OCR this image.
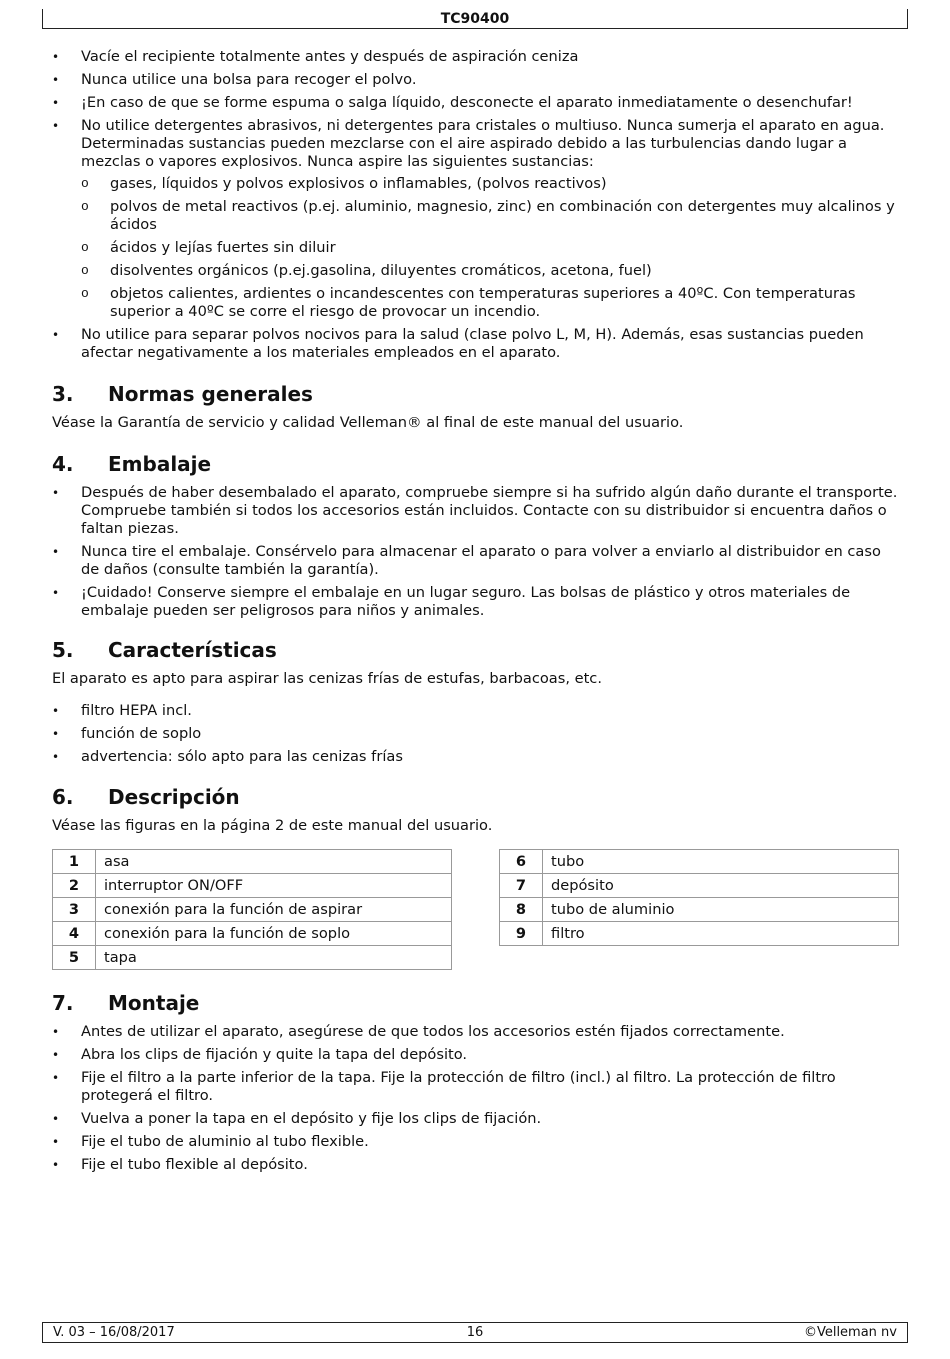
TC90400
• Vacíe el recipiente totalmente antes y después de aspiración ceniza
• Nunca utilice una bolsa para recoger el polvo.
• ¡En caso de que se forme espuma o salga líquido, desconecte el aparato inmediatamente o desenchufar!
• No utilice detergentes abrasivos, ni detergentes para cristales o multiuso. Nunca sumerja el aparato en agua. Determinadas sustancias pueden mezclarse con el aire aspirado debido a las turbulencias dando lugar a mezclas o vapores explosivos. Nunca aspire las siguientes sustancias:
o gases, líquidos y polvos explosivos o inflamables, (polvos reactivos)
o polvos de metal reactivos (p.ej. aluminio, magnesio, zinc) en combinación con detergentes muy alcalinos y ácidos
o ácidos y lejías fuertes sin diluir
o disolventes orgánicos (p.ej.gasolina, diluyentes cromáticos, acetona, fuel)
o objetos calientes, ardientes o incandescentes con temperaturas superiores a 40ºC. Con temperaturas superior a 40ºC se corre el riesgo de provocar un incendio.
• No utilice para separar polvos nocivos para la salud (clase polvo L, M, H). Además, esas sustancias pueden afectar negativamente a los materiales empleados en el aparato.
3. Normas generales

Véase la Garantía de servicio y calidad Velleman® al final de este manual del usuario.

4. Embalaje
• Después de haber desembalado el aparato, compruebe siempre si ha sufrido algún daño durante el transporte. Compruebe también si todos los accesorios están incluidos. Contacte con su distribuidor si encuentra daños o faltan piezas.
• Nunca tire el embalaje. Consérvelo para almacenar el aparato o para volver a enviarlo al distribuidor en caso de daños (consulte también la garantía).
• ¡Cuidado! Conserve siempre el embalaje en un lugar seguro. Las bolsas de plástico y otros materiales de embalaje pueden ser peligrosos para niños y animales.
5. Características

El aparato es apto para aspirar las cenizas frías de estufas, barbacoas, etc.

• filtro HEPA incl.
• función de soplo
• advertencia: sólo apto para las cenizas frías
6. Descripción

Véase las figuras en la página 2 de este manual del usuario.

1	asa
2	interruptor ON/OFF
3	conexión para la función de aspirar
4	conexión para la función de soplo
5	tapa
6	tubo
7	depósito
8	tubo de aluminio
9	filtro
7. Montaje
• Antes de utilizar el aparato, asegúrese de que todos los accesorios estén fijados correctamente.
• Abra los clips de fijación y quite la tapa del depósito.
• Fije el filtro a la parte inferior de la tapa. Fije la protección de filtro (incl.) al filtro. La protección de filtro protegerá el filtro.
• Vuelva a poner la tapa en el depósito y fije los clips de fijación.
• Fije el tubo de aluminio al tubo flexible.
• Fije el tubo flexible al depósito.
V. 03 – 16/08/2017	16	©Velleman nv
